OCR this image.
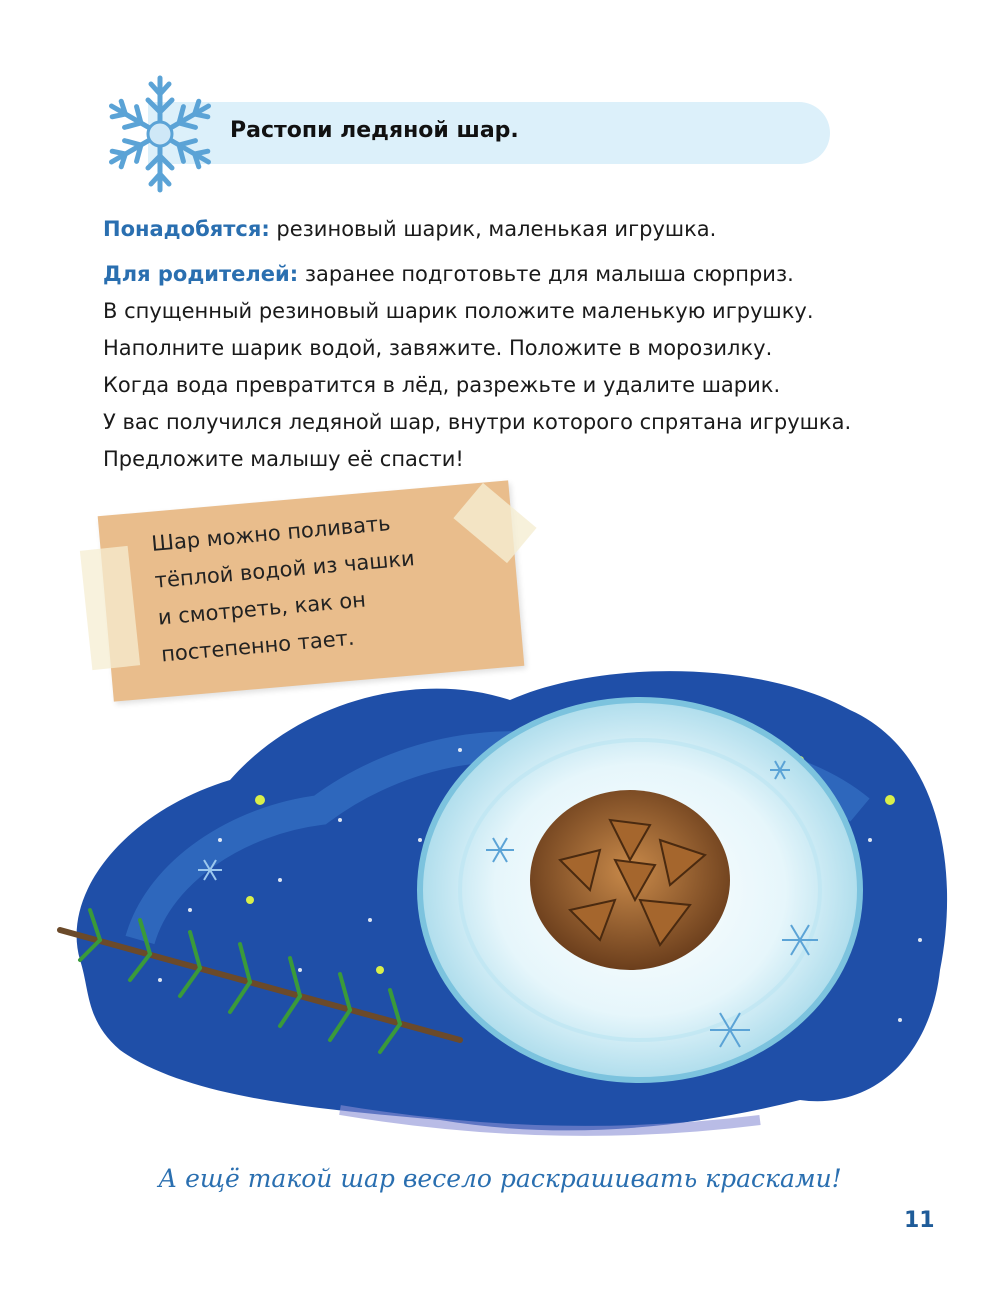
Растопи ледяной шар.
Понадобятся: резиновый шарик, маленькая игрушка.
Для родителей: заранее подготовьте для малыша сюрприз.
В спущенный резиновый шарик положите маленькую игрушку.
Наполните шарик водой, завяжите. Положите в морозилку.
Когда вода превратится в лёд, разрежьте и удалите шарик.
У вас получился ледяной шар, внутри которого спрятана игрушка.
Предложите малышу её спасти!
Шар можно поливать
тёплой водой из чашки
и смотреть, как он
постепенно тает.
А ещё такой шар весело раскрашивать красками!
11
